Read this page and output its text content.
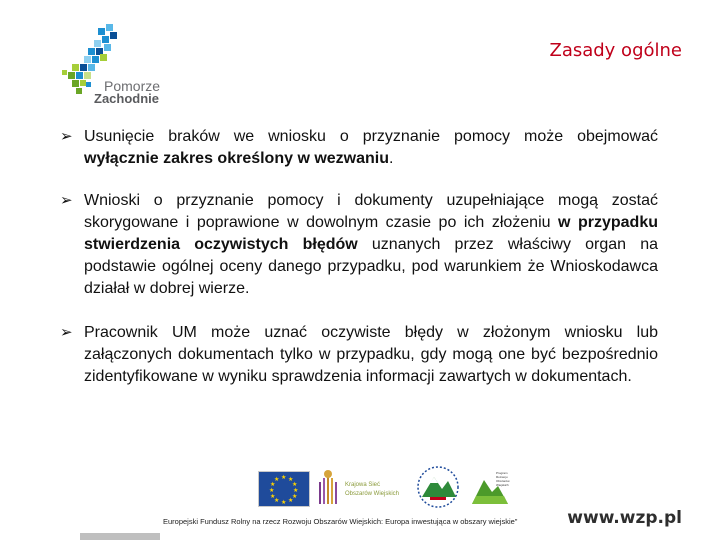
Pomorze
Zachodnie
Zasady ogólne
➢ Usunięcie braków we wniosku o przyznanie pomocy może obejmować wyłącznie zakres określony w wezwaniu.
➢ Wnioski o przyznanie pomocy i dokumenty uzupełniające mogą zostać skorygowane i poprawione w dowolnym czasie po ich złożeniu w przypadku stwierdzenia oczywistych błędów uznanych przez właściwy organ na podstawie ogólnej oceny danego przypadku, pod warunkiem że Wnioskodawca działał w dobrej wierze.
➢ Pracownik UM może uznać oczywiste błędy w złożonym wniosku lub załączonych dokumentach tylko w przypadku, gdy mogą one być bezpośrednio zidentyfikowane w wyniku sprawdzenia informacji zawartych w dokumentach.
★ ★
★
★
★
★
★
★
★
★
★
★
Krajowa Sieć
Obszarów Wiejskich
Program
Rozwoju
Obszarów
Wiejskich
Europejski Fundusz Rolny na rzecz Rozwoju Obszarów Wiejskich: Europa inwestująca w obszary wiejskie"	www.wzp.pl
